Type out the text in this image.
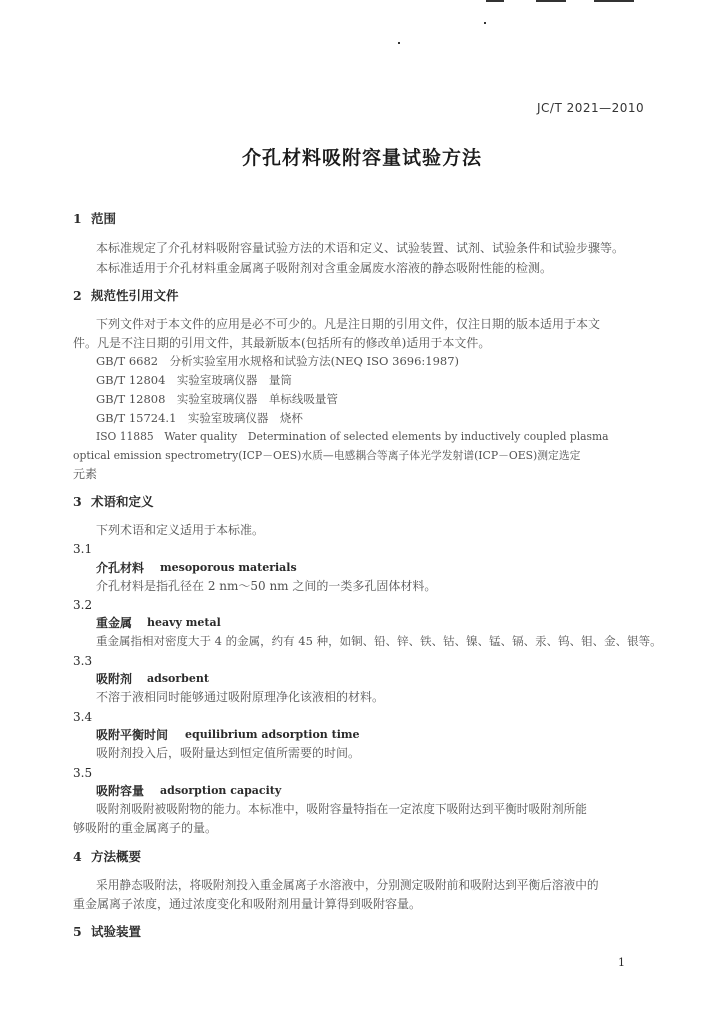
JC/T 2021—2010
介孔材料吸附容量试验方法
1 范围
本标准规定了介孔材料吸附容量试验方法的术语和定义、试验装置、试剂、试验条件和试验步骤等。
本标准适用于介孔材料重金属离子吸附剂对含重金属废水溶液的静态吸附性能的检测。
2 规范性引用文件
下列文件对于本文件的应用是必不可少的。凡是注日期的引用文件，仅注日期的版本适用于本文
件。凡是不注日期的引用文件，其最新版本(包括所有的修改单)适用于本文件。
GB/T 6682　分析实验室用水规格和试验方法(NEQ ISO 3696:1987)
GB/T 12804　实验室玻璃仪器　量筒
GB/T 12808　实验室玻璃仪器　单标线吸量管
GB/T 15724.1　实验室玻璃仪器　烧杯
ISO 11885　Water quality　Determination of selected elements by inductively coupled plasma
optical emission spectrometry(ICP－OES)水质—电感耦合等离子体光学发射谱(ICP－OES)测定选定
元素
3 术语和定义
下列术语和定义适用于本标准。
3.1
介孔材料 mesoporous materials
介孔材料是指孔径在 2 nm～50 nm 之间的一类多孔固体材料。
3.2
重金属 heavy metal
重金属指相对密度大于 4 的金属，约有 45 种，如铜、铅、锌、铁、钴、镍、锰、镉、汞、钨、钼、金、银等。
3.3
吸附剂 adsorbent
不溶于液相同时能够通过吸附原理净化该液相的材料。
3.4
吸附平衡时间 equilibrium adsorption time
吸附剂投入后，吸附量达到恒定值所需要的时间。
3.5
吸附容量 adsorption capacity
吸附剂吸附被吸附物的能力。本标准中，吸附容量特指在一定浓度下吸附达到平衡时吸附剂所能
够吸附的重金属离子的量。
4 方法概要
采用静态吸附法，将吸附剂投入重金属离子水溶液中，分别测定吸附前和吸附达到平衡后溶液中的
重金属离子浓度，通过浓度变化和吸附剂用量计算得到吸附容量。
5 试验装置
1
